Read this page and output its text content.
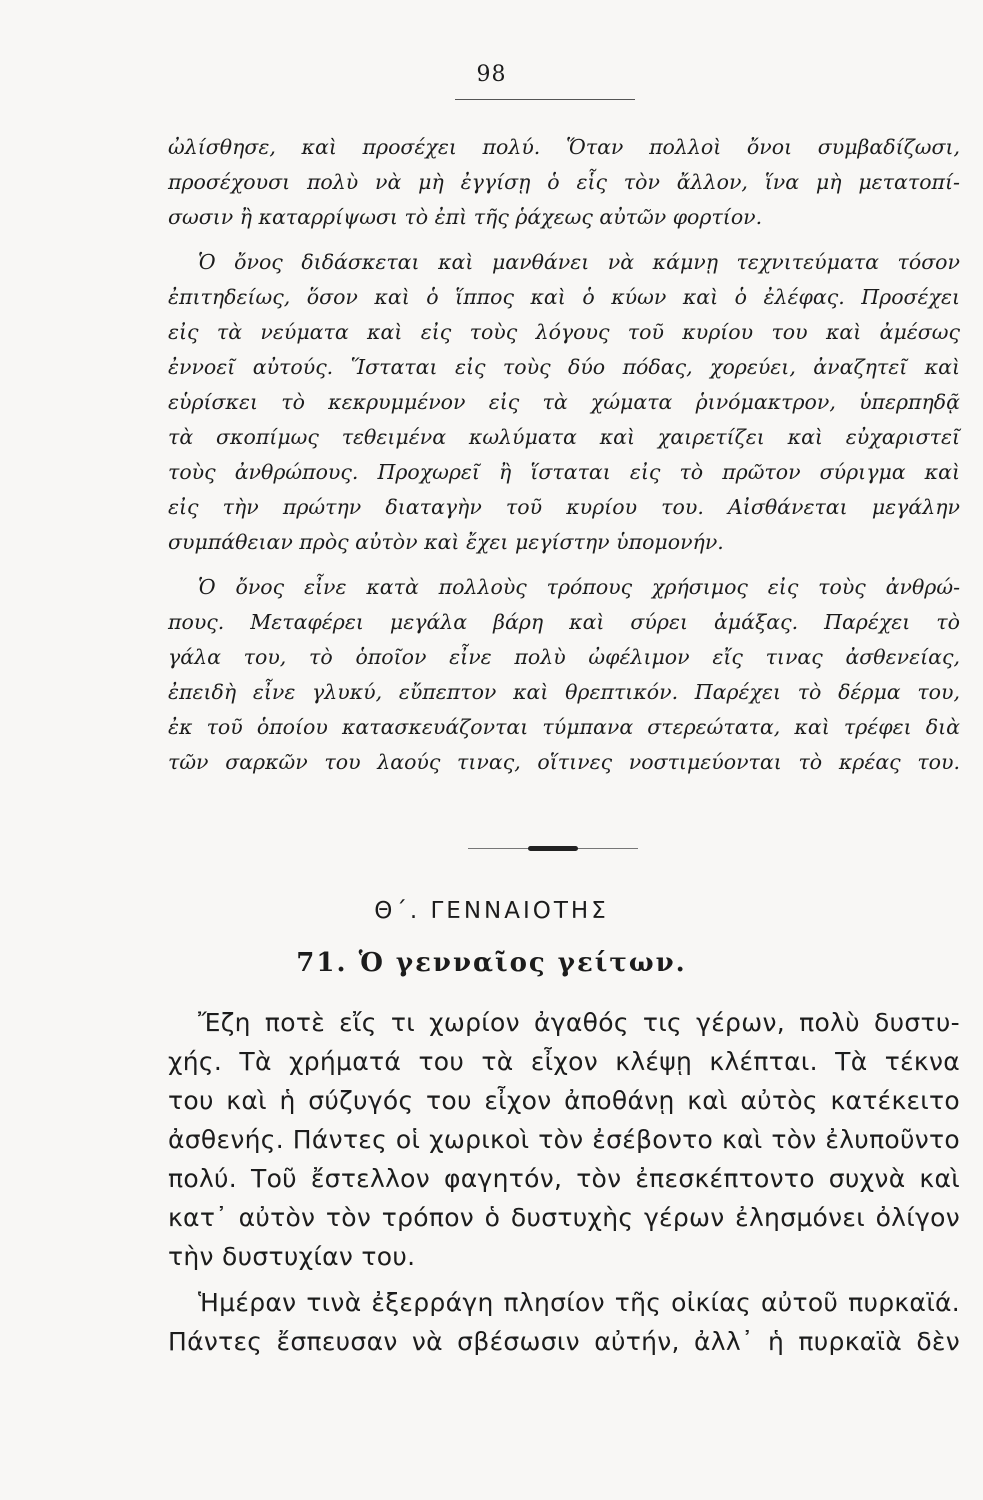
98
ὠλίσθησε, καὶ προσέχει πολύ. Ὅταν πολλοὶ ὄνοι συμβαδίζωσι,
προσέχουσι πολὺ νὰ μὴ ἐγγίσῃ ὁ εἷς τὸν ἄλλον, ἵνα μὴ μετατοπί-
σωσιν ἢ καταρρίψωσι τὸ ἐπὶ τῆς ῥάχεως αὐτῶν φορτίον.
Ὁ ὄνος διδάσκεται καὶ μανθάνει νὰ κάμνῃ τεχνιτεύματα τόσον
ἐπιτηδείως, ὅσον καὶ ὁ ἵππος καὶ ὁ κύων καὶ ὁ ἐλέφας. Προσέχει
εἰς τὰ νεύματα καὶ εἰς τοὺς λόγους τοῦ κυρίου του καὶ ἀμέσως
ἐννοεῖ αὐτούς. Ἵσταται εἰς τοὺς δύο πόδας, χορεύει, ἀναζητεῖ καὶ
εὑρίσκει τὸ κεκρυμμένον εἰς τὰ χώματα ῥινόμακτρον, ὑπερπηδᾷ
τὰ σκοπίμως τεθειμένα κωλύματα καὶ χαιρετίζει καὶ εὐχαριστεῖ
τοὺς ἀνθρώπους. Προχωρεῖ ἢ ἵσταται εἰς τὸ πρῶτον σύριγμα καὶ
εἰς τὴν πρώτην διαταγὴν τοῦ κυρίου του. Αἰσθάνεται μεγάλην
συμπάθειαν πρὸς αὐτὸν καὶ ἔχει μεγίστην ὑπομονήν.
Ὁ ὄνος εἶνε κατὰ πολλοὺς τρόπους χρήσιμος εἰς τοὺς ἀνθρώ-
πους. Μεταφέρει μεγάλα βάρη καὶ σύρει ἁμάξας. Παρέχει τὸ
γάλα του, τὸ ὁποῖον εἶνε πολὺ ὠφέλιμον εἴς τινας ἀσθενείας,
ἐπειδὴ εἶνε γλυκύ, εὔπεπτον καὶ θρεπτικόν. Παρέχει τὸ δέρμα του,
ἐκ τοῦ ὁποίου κατασκευάζονται τύμπανα στερεώτατα, καὶ τρέφει διὰ
τῶν σαρκῶν του λαούς τινας, οἵτινες νοστιμεύονται τὸ κρέας του.
Θ΄. ΓΕΝΝΑΙΟΤΗΣ
71. Ὁ γενναῖος γείτων.
Ἔζη ποτὲ εἴς τι χωρίον ἀγαθός τις γέρων, πολὺ δυστυ-
χής. Τὰ χρήματά του τὰ εἶχον κλέψῃ κλέπται. Τὰ τέκνα
του καὶ ἡ σύζυγός του εἶχον ἀποθάνῃ καὶ αὐτὸς κατέκειτο
ἀσθενής. Πάντες οἱ χωρικοὶ τὸν ἐσέβοντο καὶ τὸν ἐλυποῦντο
πολύ. Τοῦ ἔστελλον φαγητόν, τὸν ἐπεσκέπτοντο συχνὰ καὶ
κατ᾿ αὐτὸν τὸν τρόπον ὁ δυστυχὴς γέρων ἐλησμόνει ὀλίγον
τὴν δυστυχίαν του.
Ἡμέραν τινὰ ἐξερράγη πλησίον τῆς οἰκίας αὐτοῦ πυρκαϊά.
Πάντες ἔσπευσαν νὰ σβέσωσιν αὐτήν, ἀλλ᾿ ἡ πυρκαϊὰ δὲν
